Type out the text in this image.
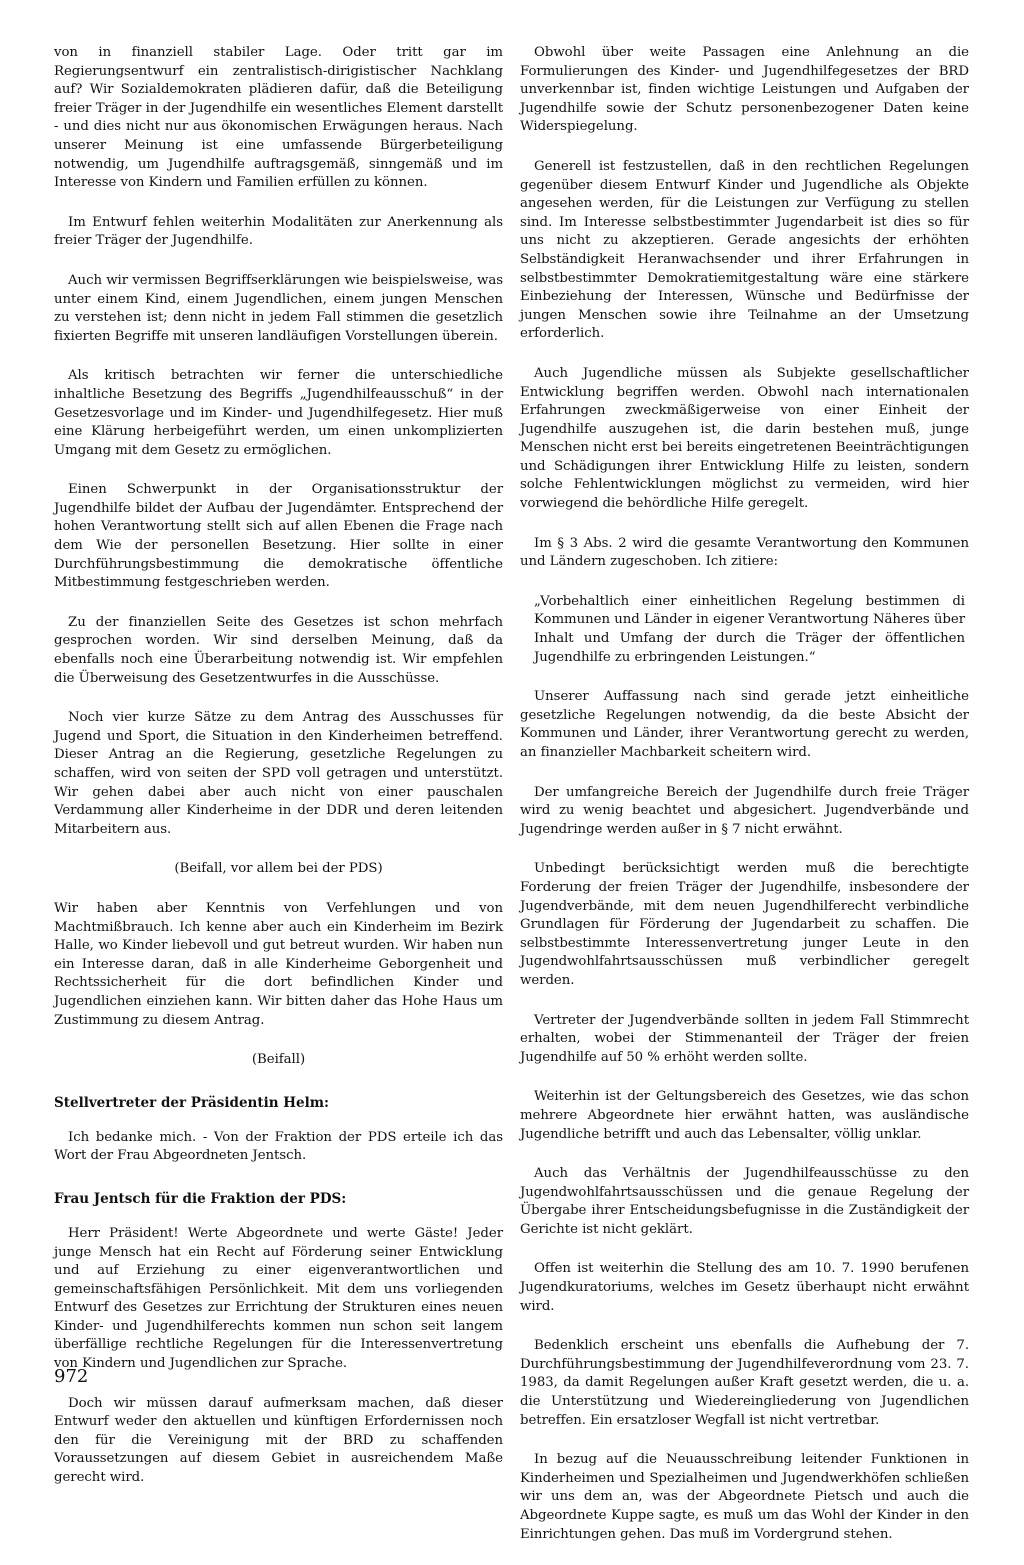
von in finanziell stabiler Lage. Oder tritt gar im Regierungsentwurf ein zentralistisch-dirigistischer Nachklang auf? Wir Sozialdemokraten plädieren dafür, daß die Beteiligung freier Träger in der Jugendhilfe ein wesentliches Element darstellt - und dies nicht nur aus ökonomischen Erwägungen heraus. Nach unserer Meinung ist eine umfassende Bürgerbeteiligung notwendig, um Jugendhilfe auftragsgemäß, sinngemäß und im Interesse von Kindern und Familien erfüllen zu können.

Im Entwurf fehlen weiterhin Modalitäten zur Anerkennung als freier Träger der Jugendhilfe.

Auch wir vermissen Begriffserklärungen wie beispielsweise, was unter einem Kind, einem Jugendlichen, einem jungen Menschen zu verstehen ist; denn nicht in jedem Fall stimmen die gesetzlich fixierten Begriffe mit unseren landläufigen Vorstellungen überein.

Als kritisch betrachten wir ferner die unterschiedliche inhaltliche Besetzung des Begriffs „Jugendhilfeausschuß“ in der Gesetzesvorlage und im Kinder- und Jugendhilfegesetz. Hier muß eine Klärung herbeigeführt werden, um einen unkomplizierten Umgang mit dem Gesetz zu ermöglichen.

Einen Schwerpunkt in der Organisationsstruktur der Jugendhilfe bildet der Aufbau der Jugendämter. Entsprechend der hohen Verantwortung stellt sich auf allen Ebenen die Frage nach dem Wie der personellen Besetzung. Hier sollte in einer Durchführungsbestimmung die demokratische öffentliche Mitbestimmung festgeschrieben werden.

Zu der finanziellen Seite des Gesetzes ist schon mehrfach gesprochen worden. Wir sind derselben Meinung, daß da ebenfalls noch eine Überarbeitung notwendig ist. Wir empfehlen die Überweisung des Gesetzentwurfes in die Ausschüsse.

Noch vier kurze Sätze zu dem Antrag des Ausschusses für Jugend und Sport, die Situation in den Kinderheimen betreffend. Dieser Antrag an die Regierung, gesetzliche Regelungen zu schaffen, wird von seiten der SPD voll getragen und unterstützt. Wir gehen dabei aber auch nicht von einer pauschalen Verdammung aller Kinderheime in der DDR und deren leitenden Mitarbeitern aus.

(Beifall, vor allem bei der PDS)

Wir haben aber Kenntnis von Verfehlungen und von Machtmißbrauch. Ich kenne aber auch ein Kinderheim im Bezirk Halle, wo Kinder liebevoll und gut betreut wurden. Wir haben nun ein Interesse daran, daß in alle Kinderheime Geborgenheit und Rechtssicherheit für die dort befindlichen Kinder und Jugendlichen einziehen kann. Wir bitten daher das Hohe Haus um Zustimmung zu diesem Antrag.

(Beifall)

Stellvertreter der Präsidentin Helm:

Ich bedanke mich. - Von der Fraktion der PDS erteile ich das Wort der Frau Abgeordneten Jentsch.

Frau Jentsch für die Fraktion der PDS:

Herr Präsident! Werte Abgeordnete und werte Gäste! Jeder junge Mensch hat ein Recht auf Förderung seiner Entwicklung und auf Erziehung zu einer eigenverantwortlichen und gemeinschaftsfähigen Persönlichkeit. Mit dem uns vorliegenden Entwurf des Gesetzes zur Errichtung der Strukturen eines neuen Kinder- und Jugendhilferechts kommen nun schon seit langem überfällige rechtliche Regelungen für die Interessenvertretung von Kindern und Jugendlichen zur Sprache.

Doch wir müssen darauf aufmerksam machen, daß dieser Entwurf weder den aktuellen und künftigen Erfordernissen noch den für die Vereinigung mit der BRD zu schaffenden Voraussetzungen auf diesem Gebiet in ausreichendem Maße gerecht wird.

Obwohl über weite Passagen eine Anlehnung an die Formulierungen des Kinder- und Jugendhilfegesetzes der BRD unverkennbar ist, finden wichtige Leistungen und Aufgaben der Jugendhilfe sowie der Schutz personenbezogener Daten keine Widerspiegelung.

Generell ist festzustellen, daß in den rechtlichen Regelungen gegenüber diesem Entwurf Kinder und Jugendliche als Objekte angesehen werden, für die Leistungen zur Verfügung zu stellen sind. Im Interesse selbstbestimmter Jugendarbeit ist dies so für uns nicht zu akzeptieren. Gerade angesichts der erhöhten Selbständigkeit Heranwachsender und ihrer Erfahrungen in selbstbestimmter Demokratiemitgestaltung wäre eine stärkere Einbeziehung der Interessen, Wünsche und Bedürfnisse der jungen Menschen sowie ihre Teilnahme an der Umsetzung erforderlich.

Auch Jugendliche müssen als Subjekte gesellschaftlicher Entwicklung begriffen werden. Obwohl nach internationalen Erfahrungen zweckmäßigerweise von einer Einheit der Jugendhilfe auszugehen ist, die darin bestehen muß, junge Menschen nicht erst bei bereits eingetretenen Beeinträchtigungen und Schädigungen ihrer Entwicklung Hilfe zu leisten, sondern solche Fehlentwicklungen möglichst zu vermeiden, wird hier vorwiegend die behördliche Hilfe geregelt.

Im § 3 Abs. 2 wird die gesamte Verantwortung den Kommunen und Ländern zugeschoben. Ich zitiere:

„Vorbehaltlich einer einheitlichen Regelung bestimmen di Kommunen und Länder in eigener Verantwortung Näheres über Inhalt und Umfang der durch die Träger der öffentlichen Jugendhilfe zu erbringenden Leistungen.“

Unserer Auffassung nach sind gerade jetzt einheitliche gesetzliche Regelungen notwendig, da die beste Absicht der Kommunen und Länder, ihrer Verantwortung gerecht zu werden, an finanzieller Machbarkeit scheitern wird.

Der umfangreiche Bereich der Jugendhilfe durch freie Träger wird zu wenig beachtet und abgesichert. Jugendverbände und Jugendringe werden außer in § 7 nicht erwähnt.

Unbedingt berücksichtigt werden muß die berechtigte Forderung der freien Träger der Jugendhilfe, insbesondere der Jugendverbände, mit dem neuen Jugendhilferecht verbindliche Grundlagen für Förderung der Jugendarbeit zu schaffen. Die selbstbestimmte Interessenvertretung junger Leute in den Jugendwohlfahrtsausschüssen muß verbindlicher geregelt werden.

Vertreter der Jugendverbände sollten in jedem Fall Stimmrecht erhalten, wobei der Stimmenanteil der Träger der freien Jugendhilfe auf 50 % erhöht werden sollte.

Weiterhin ist der Geltungsbereich des Gesetzes, wie das schon mehrere Abgeordnete hier erwähnt hatten, was ausländische Jugendliche betrifft und auch das Lebensalter, völlig unklar.

Auch das Verhältnis der Jugendhilfeausschüsse zu den Jugendwohlfahrtsausschüssen und die genaue Regelung der Übergabe ihrer Entscheidungsbefugnisse in die Zuständigkeit der Gerichte ist nicht geklärt.

Offen ist weiterhin die Stellung des am 10. 7. 1990 berufenen Jugendkuratoriums, welches im Gesetz überhaupt nicht erwähnt wird.

Bedenklich erscheint uns ebenfalls die Aufhebung der 7. Durchführungsbestimmung der Jugendhilfeverordnung vom 23. 7. 1983, da damit Regelungen außer Kraft gesetzt werden, die u. a. die Unterstützung und Wiedereingliederung von Jugendlichen betreffen. Ein ersatzloser Wegfall ist nicht vertretbar.

In bezug auf die Neuausschreibung leitender Funktionen in Kinderheimen und Spezialheimen und Jugendwerkhöfen schließen wir uns dem an, was der Abgeordnete Pietsch und auch die Abgeordnete Kuppe sagte, es muß um das Wohl der Kinder in den Einrichtungen gehen. Das muß im Vordergrund stehen.

972
